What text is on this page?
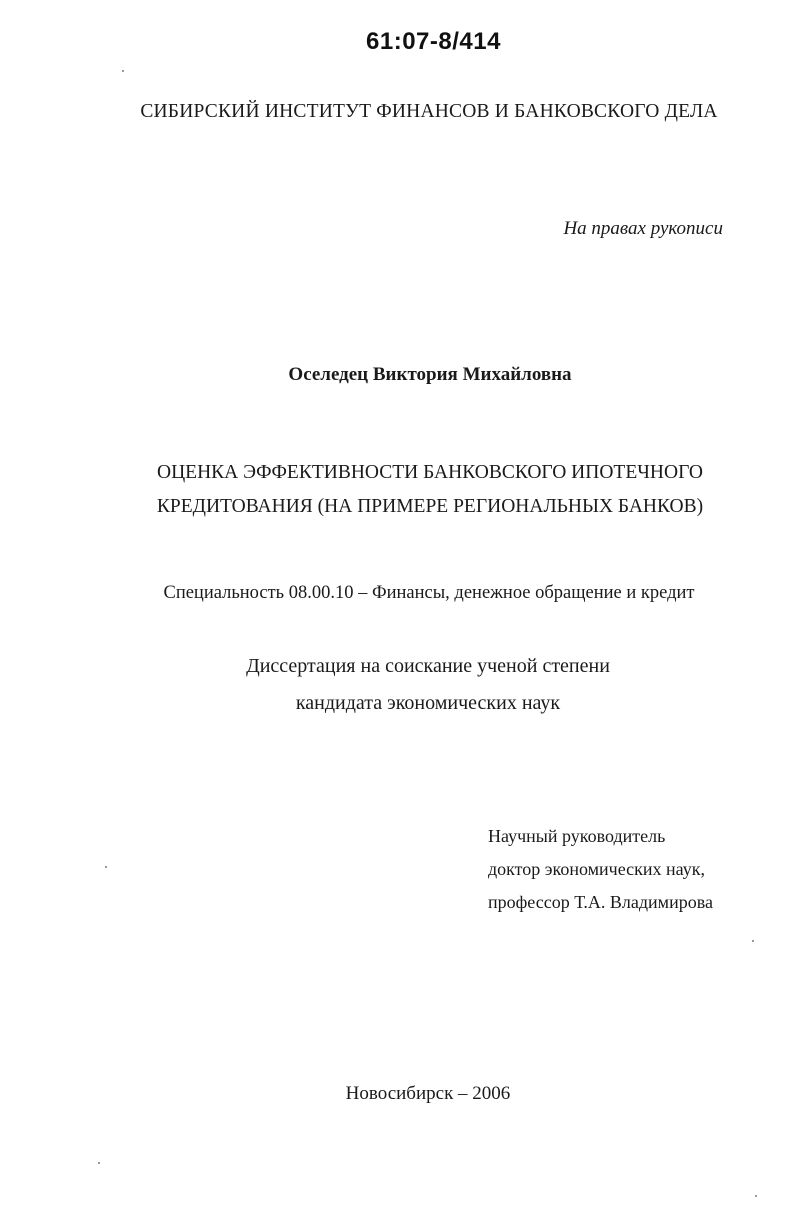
61:07-8/414
СИБИРСКИЙ ИНСТИТУТ ФИНАНСОВ И БАНКОВСКОГО ДЕЛА
На правах рукописи
Оселедец Виктория Михайловна
ОЦЕНКА ЭФФЕКТИВНОСТИ БАНКОВСКОГО ИПОТЕЧНОГО
КРЕДИТОВАНИЯ (НА ПРИМЕРЕ РЕГИОНАЛЬНЫХ БАНКОВ)
Специальность 08.00.10 – Финансы, денежное обращение и кредит
Диссертация на соискание ученой степени
кандидата экономических наук
Научный руководитель
доктор экономических наук,
профессор Т.А. Владимирова
Новосибирск – 2006
